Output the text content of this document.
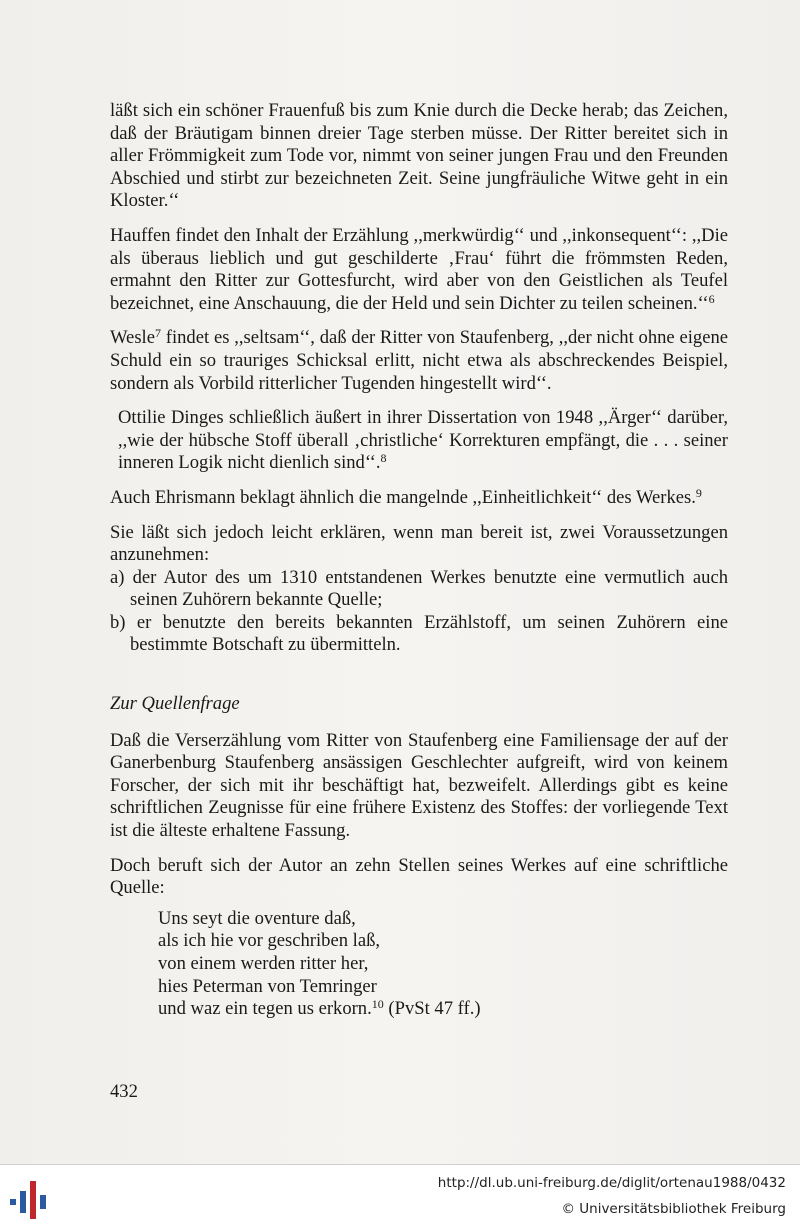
läßt sich ein schöner Frauenfuß bis zum Knie durch die Decke herab; das Zeichen, daß der Bräutigam binnen dreier Tage sterben müsse. Der Ritter bereitet sich in aller Frömmigkeit zum Tode vor, nimmt von seiner jungen Frau und den Freunden Abschied und stirbt zur bezeichneten Zeit. Seine jungfräuliche Witwe geht in ein Kloster.‘‘

Hauffen findet den Inhalt der Erzählung ,,merkwürdig‘‘ und ,,inkonsequent‘‘: ,,Die als überaus lieblich und gut geschilderte ‚Frau‘ führt die frömmsten Reden, ermahnt den Ritter zur Gottesfurcht, wird aber von den Geistlichen als Teufel bezeichnet, eine Anschauung, die der Held und sein Dichter zu teilen scheinen.‘‘$^6$

Wesle$^7$ findet es ,,seltsam‘‘, daß der Ritter von Staufenberg, ,,der nicht ohne eigene Schuld ein so trauriges Schicksal erlitt, nicht etwa als abschreckendes Beispiel, sondern als Vorbild ritterlicher Tugenden hingestellt wird‘‘.

Ottilie Dinges schließlich äußert in ihrer Dissertation von 1948 ,,Ärger‘‘ darüber, ,,wie der hübsche Stoff überall ‚christliche‘ Korrekturen empfängt, die . . . seiner inneren Logik nicht dienlich sind‘‘.$^8$

Auch Ehrismann beklagt ähnlich die mangelnde ,,Einheitlichkeit‘‘ des Werkes.$^9$

Sie läßt sich jedoch leicht erklären, wenn man bereit ist, zwei Voraussetzungen anzunehmen:

a) der Autor des um 1310 entstandenen Werkes benutzte eine vermutlich auch seinen Zuhörern bekannte Quelle;
b) er benutzte den bereits bekannten Erzählstoff, um seinen Zuhörern eine bestimmte Botschaft zu übermitteln.

Zur Quellenfrage

Daß die Verserzählung vom Ritter von Staufenberg eine Familiensage der auf der Ganerbenburg Staufenberg ansässigen Geschlechter aufgreift, wird von keinem Forscher, der sich mit ihr beschäftigt hat, bezweifelt. Allerdings gibt es keine schriftlichen Zeugnisse für eine frühere Existenz des Stoffes: der vorliegende Text ist die älteste erhaltene Fassung.

Doch beruft sich der Autor an zehn Stellen seines Werkes auf eine schriftliche Quelle:

Uns seyt die oventure daß,
als ich hie vor geschriben laß,
von einem werden ritter her,
hies Peterman von Temringer
und waz ein tegen us erkorn.$^{10}$ (PvSt 47 ff.)
432
http://dl.ub.uni-freiburg.de/diglit/ortenau1988/0432
© Universitätsbibliothek Freiburg
